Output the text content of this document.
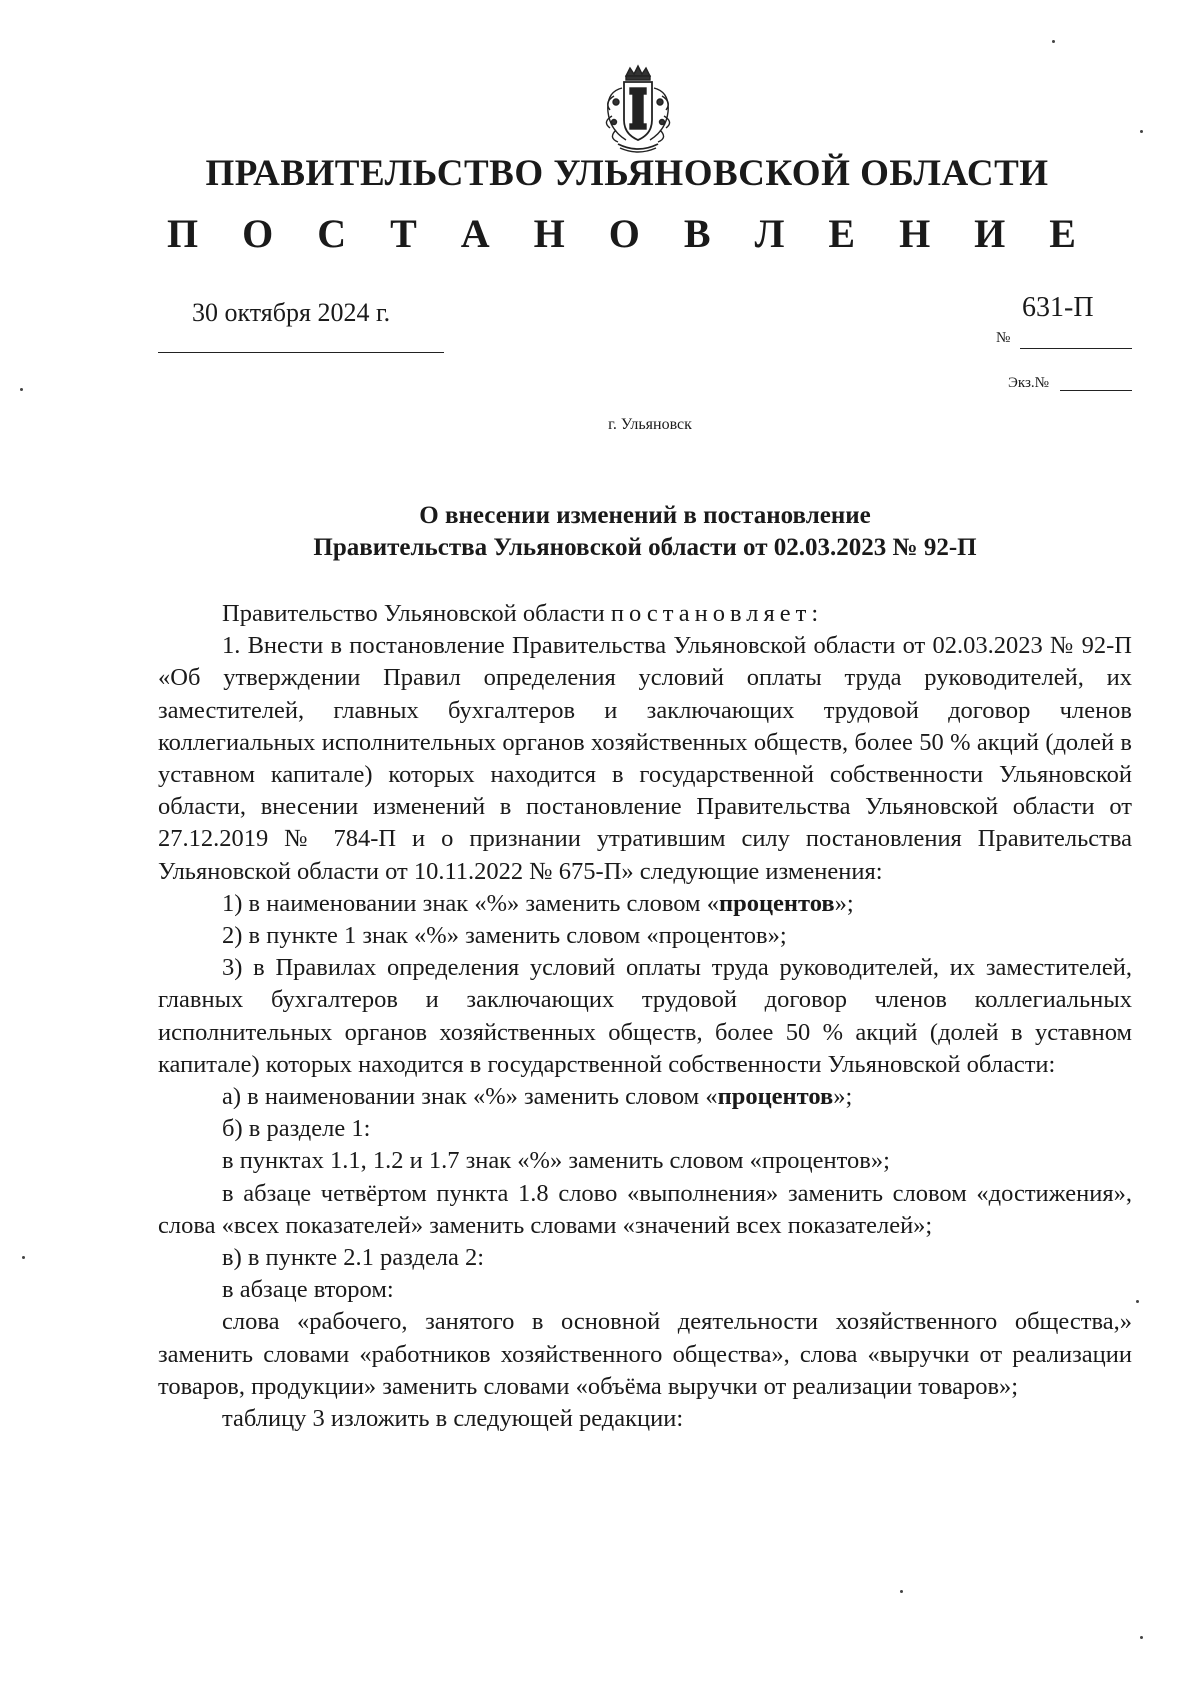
ПРАВИТЕЛЬСТВО УЛЬЯНОВСКОЙ ОБЛАСТИ
П О С Т А Н О В Л Е Н И Е
30 октября 2024 г.	631-П
№
Экз.№
г. Ульяновск
О внесении изменений в постановление
Правительства Ульяновской области от 02.03.2023 № 92-П

Правительство Ульяновской области постановляет:

1. Внести в постановление Правительства Ульяновской области от 02.03.2023 № 92-П «Об утверждении Правил определения условий оплаты труда руководителей, их заместителей, главных бухгалтеров и заключающих трудовой договор членов коллегиальных исполнительных органов хозяйственных обществ, более 50 % акций (долей в уставном капитале) которых находится в государственной собственности Ульяновской области, внесении изменений в постановление Правительства Ульяновской области от 27.12.2019 № 784-П и о признании утратившим силу постановления Правительства Ульяновской области от 10.11.2022 № 675-П» следующие изменения:

1) в наименовании знак «%» заменить словом «процентов»;

2) в пункте 1 знак «%» заменить словом «процентов»;

3) в Правилах определения условий оплаты труда руководителей, их заместителей, главных бухгалтеров и заключающих трудовой договор членов коллегиальных исполнительных органов хозяйственных обществ, более 50 % акций (долей в уставном капитале) которых находится в государственной собственности Ульяновской области:

а) в наименовании знак «%» заменить словом «процентов»;

б) в разделе 1:

в пунктах 1.1, 1.2 и 1.7 знак «%» заменить словом «процентов»;

в абзаце четвёртом пункта 1.8 слово «выполнения» заменить словом «достижения», слова «всех показателей» заменить словами «значений всех показателей»;

в) в пункте 2.1 раздела 2:

в абзаце втором:

слова «рабочего, занятого в основной деятельности хозяйственного общества,» заменить словами «работников хозяйственного общества», слова «выручки от реализации товаров, продукции» заменить словами «объёма выручки от реализации товаров»;

таблицу 3 изложить в следующей редакции:
